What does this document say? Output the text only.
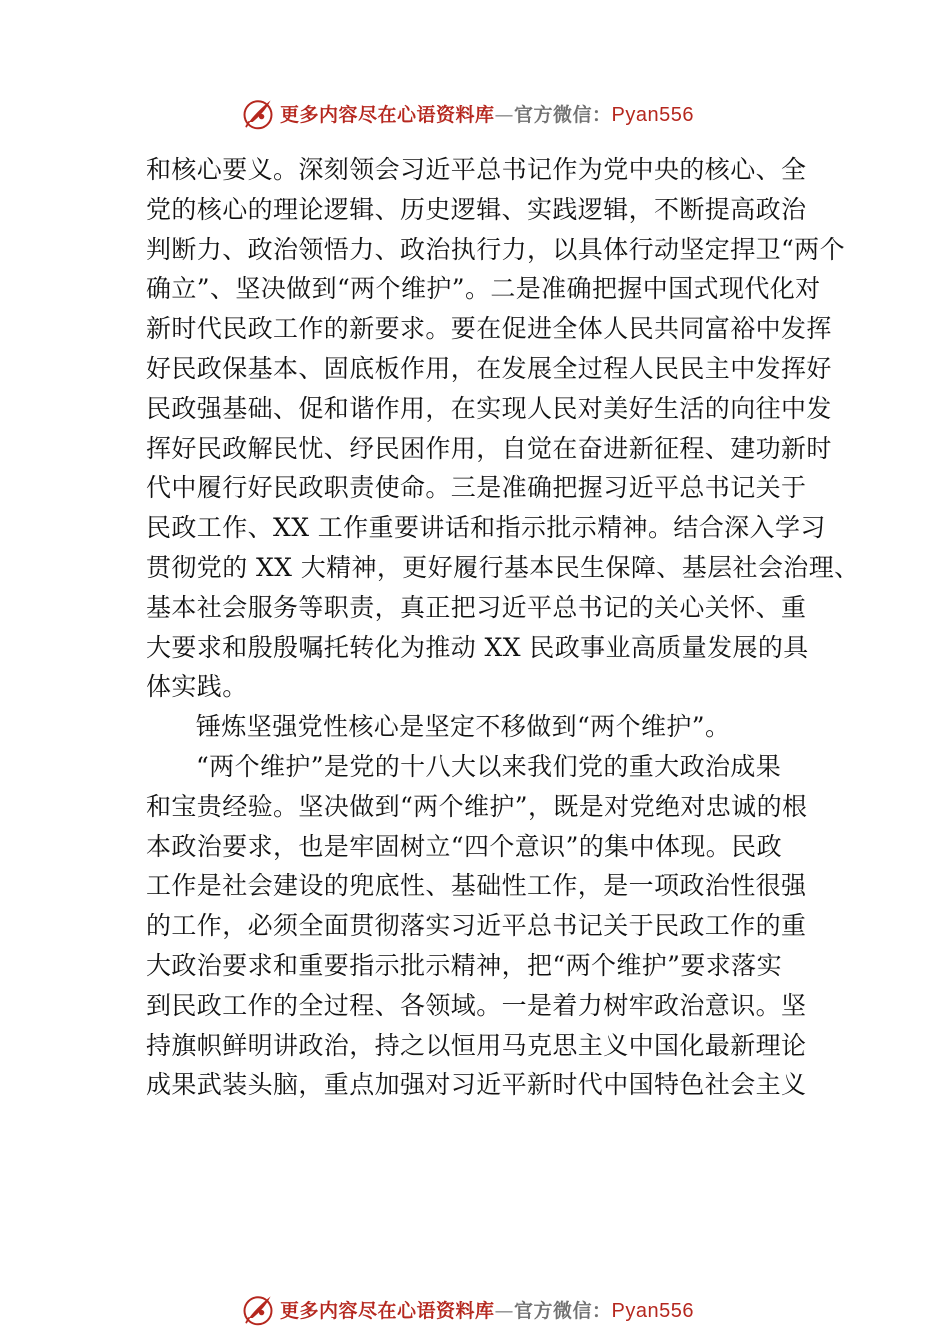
更多内容尽在心语资料库—官方微信：Pyan556
和核心要义。深刻领会习近平总书记作为党中央的核心、全
党的核心的理论逻辑、历史逻辑、实践逻辑，不断提高政治
判断力、政治领悟力、政治执行力，以具体行动坚定捍卫“两个
确立”、坚决做到“两个维护”。二是准确把握中国式现代化对
新时代民政工作的新要求。要在促进全体人民共同富裕中发挥
好民政保基本、固底板作用，在发展全过程人民民主中发挥好
民政强基础、促和谐作用，在实现人民对美好生活的向往中发
挥好民政解民忧、纾民困作用，自觉在奋进新征程、建功新时
代中履行好民政职责使命。三是准确把握习近平总书记关于
民政工作、XX 工作重要讲话和指示批示精神。结合深入学习
贯彻党的 XX 大精神，更好履行基本民生保障、基层社会治理、
基本社会服务等职责，真正把习近平总书记的关心关怀、重
大要求和殷殷嘱托转化为推动 XX 民政事业高质量发展的具
体实践。
锤炼坚强党性核心是坚定不移做到“两个维护”。
“两个维护”是党的十八大以来我们党的重大政治成果
和宝贵经验。坚决做到“两个维护”，既是对党绝对忠诚的根
本政治要求，也是牢固树立“四个意识”的集中体现。民政
工作是社会建设的兜底性、基础性工作，是一项政治性很强
的工作，必须全面贯彻落实习近平总书记关于民政工作的重
大政治要求和重要指示批示精神，把“两个维护”要求落实
到民政工作的全过程、各领域。一是着力树牢政治意识。坚
持旗帜鲜明讲政治，持之以恒用马克思主义中国化最新理论
成果武装头脑，重点加强对习近平新时代中国特色社会主义
更多内容尽在心语资料库—官方微信：Pyan556
